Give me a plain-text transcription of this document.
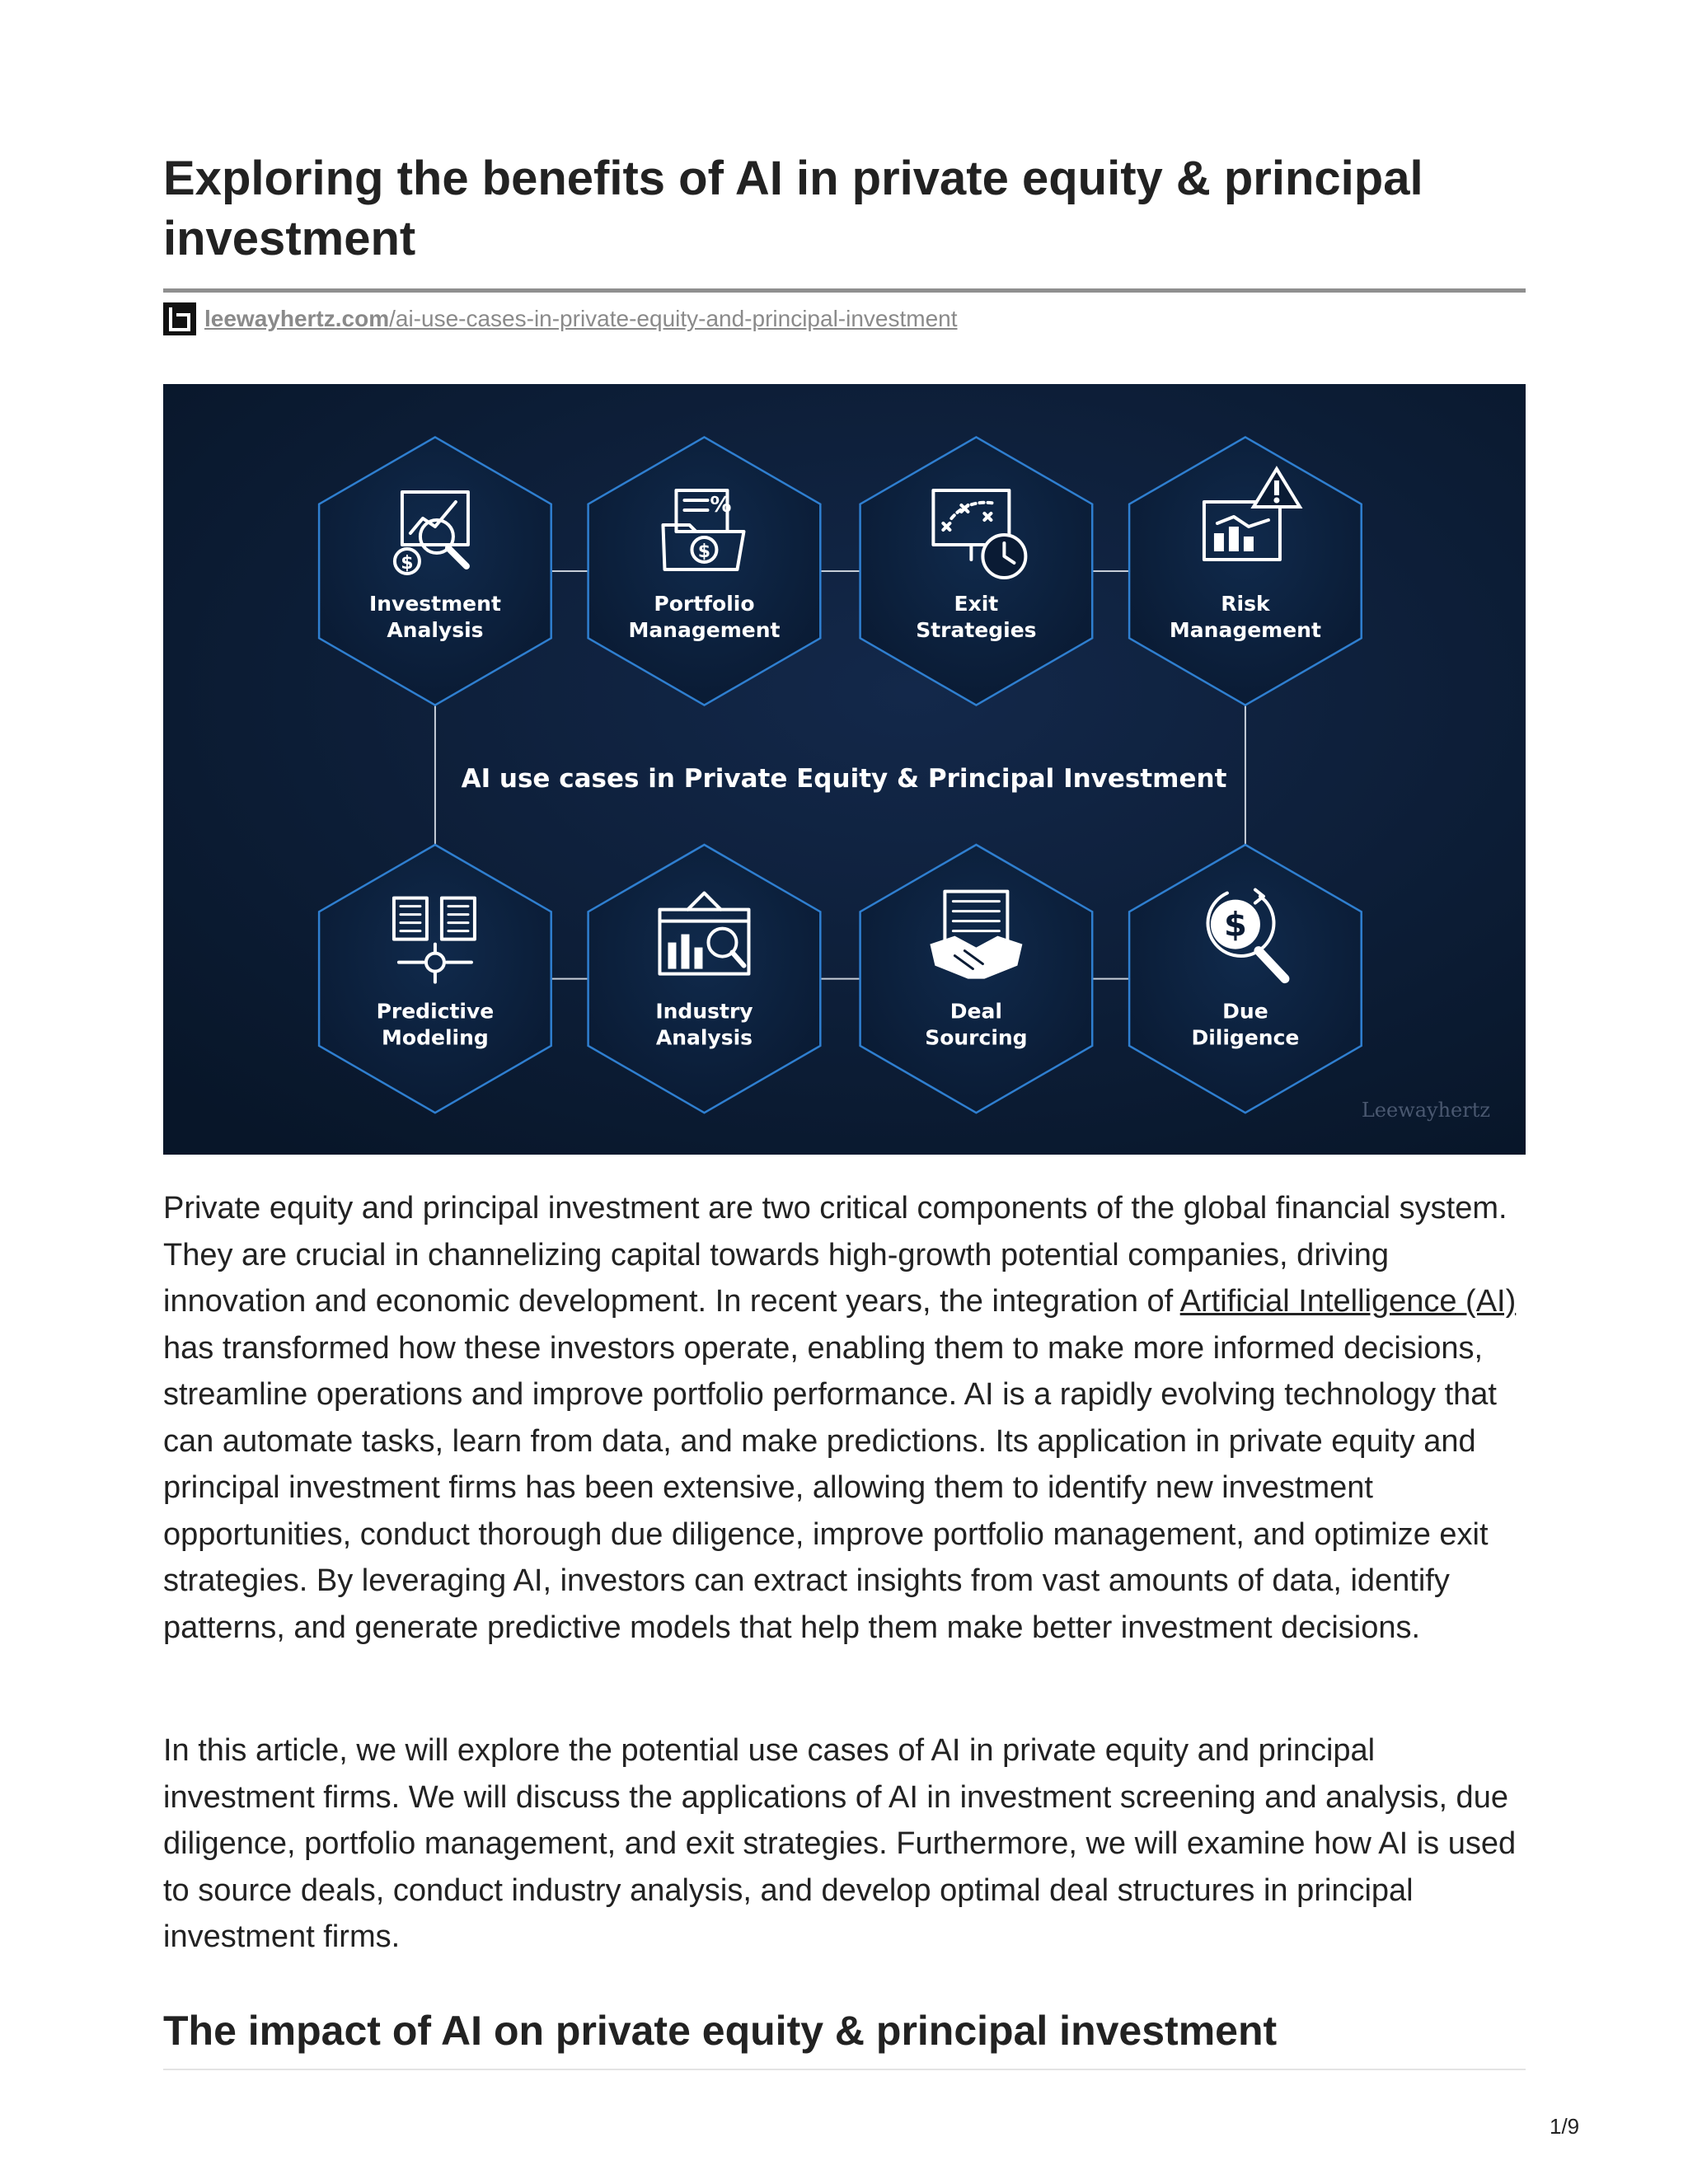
Exploring the benefits of AI in private equity & principal investment
leewayhertz.com/ai-use-cases-in-private-equity-and-principal-investment
$
Investment
Analysis
%
$
Portfolio
Management
Exit
Strategies
Risk
Management
Predictive
Modeling
Industry
Analysis
Deal
Sourcing
$
Due
Diligence
AI use cases in Private Equity & Principal Investment
Leewayhertz

Private equity and principal investment are two critical components of the global financial system. They are crucial in channelizing capital towards high-growth potential companies, driving innovation and economic development. In recent years, the integration of Artificial Intelligence (AI) has transformed how these investors operate, enabling them to make more informed decisions, streamline operations and improve portfolio performance. AI is a rapidly evolving technology that can automate tasks, learn from data, and make predictions. Its application in private equity and principal investment firms has been extensive, allowing them to identify new investment opportunities, conduct thorough due diligence, improve portfolio management, and optimize exit strategies. By leveraging AI, investors can extract insights from vast amounts of data, identify patterns, and generate predictive models that help them make better investment decisions.

In this article, we will explore the potential use cases of AI in private equity and principal investment firms. We will discuss the applications of AI in investment screening and analysis, due diligence, portfolio management, and exit strategies. Furthermore, we will examine how AI is used to source deals, conduct industry analysis, and develop optimal deal structures in principal investment firms.

The impact of AI on private equity & principal investment
1/9
